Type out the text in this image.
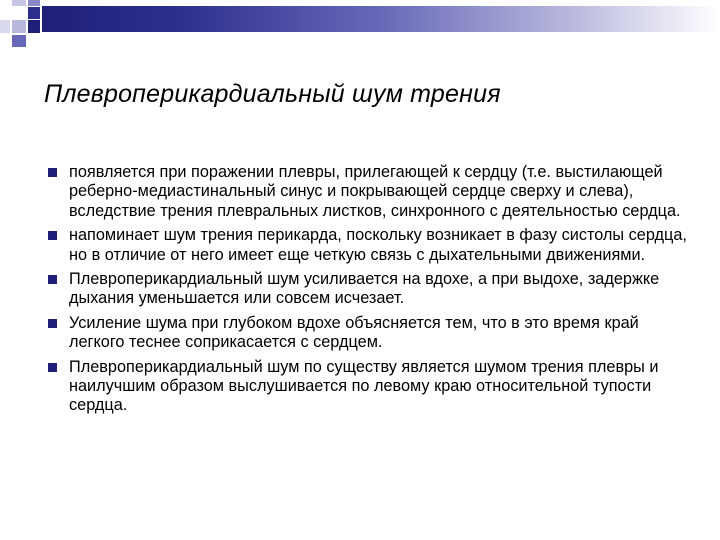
Плевроперикардиальный шум трения
появляется при поражении плевры, прилегающей к сердцу (т.е. выстилающей реберно-медиастинальный синус и покрывающей сердце сверху и слева), вследствие трения плевральных листков, синхронного с деятельностью сердца.
напоминает шум трения перикарда, поскольку возникает в фазу систолы сердца, но в отличие от него имеет еще четкую связь с дыхательными движениями.
Плевроперикардиальный шум усиливается на вдохе, а при выдохе, задержке дыхания уменьшается или совсем исчезает.
Усиление шума при глубоком вдохе объясняется тем, что в это время край легкого теснее соприкасается с сердцем.
Плевроперикардиальный шум по существу является шумом трения плевры и наилучшим образом выслушивается по левому краю относительной тупости сердца.
